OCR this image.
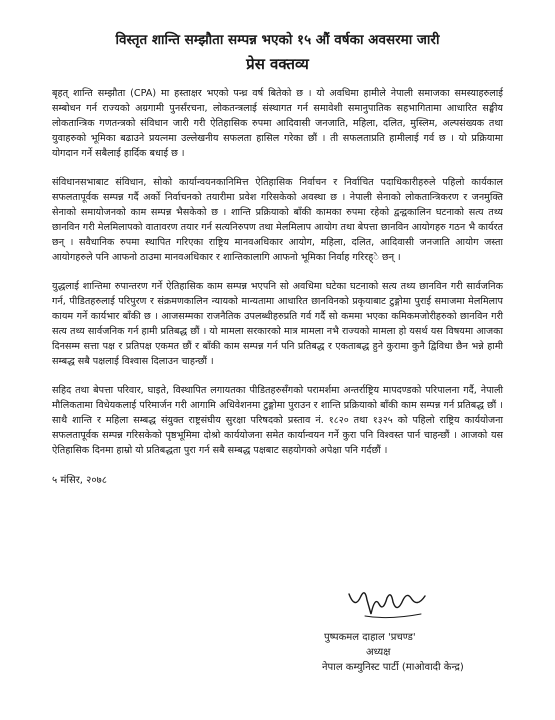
विस्तृत शान्ति सम्झौता सम्पन्न भएको १५ औं वर्षका अवसरमा जारी
प्रेस वक्तव्य

बृहत् शान्ति सम्झौता (CPA) मा हस्ताक्षर भएको पन्ध्र वर्ष बितेको छ । यो अवधिमा हामीले नेपाली समाजका समस्याहरुलाई सम्बोधन गर्न राज्यको अग्रगामी पुनर्संरचना, लोकतन्त्रलाई संस्थागत गर्न समावेशी समानुपातिक सहभागितामा आधारित सङ्घीय लोकतान्त्रिक गणतन्त्रको संविधान जारी गरी ऐतिहासिक रुपमा आदिवासी जनजाति, महिला, दलित, मुस्लिम, अल्पसंख्यक तथा युवाहरुको भूमिका बढाउने प्रयत्नमा उल्लेखनीय सफलता हासिल गरेका छौं । ती सफलताप्रति हामीलाई गर्व छ । यो प्रक्रियामा योगदान गर्ने सबैलाई हार्दिक बधाई छ ।

संविधानसभाबाट संविधान, सोको कार्यान्वयनकानिमित्त ऐतिहासिक निर्वाचन र निर्वाचित पदाधिकारीहरुले पहिलो कार्यकाल सफलतापूर्वक सम्पन्न गर्दै अर्को निर्वाचनको तयारीमा प्रवेश गरिसकेको अवस्था छ । नेपाली सेनाको लोकतान्त्रिकरण र जनमुक्ति सेनाको समायोजनको काम सम्पन्न भैसकेको छ । शान्ति प्रक्रियाको बाँकी कामका रुपमा रहेको द्वन्द्वकालिन घटनाको सत्य तथ्य छानविन गरी मेलमिलापको वातावरण तयार गर्न सत्यनिरुपण तथा मेलमिलाप आयोग तथा बेपत्ता छानविन आयोगहरु गठन भै कार्यरत छन् । सवैधानिक रुपमा स्थापित गरिएका राष्ट्रिय मानवअधिकार आयोग, महिला, दलित, आदिवासी जनजाति आयोग जस्ता आयोगहरुले पनि आफनो ठाउमा मानवअधिकार र शान्तिकालागि आफनो भूमिका निर्वाह गरिरह्े छन् ।

युद्धलाई शान्तिमा रुपान्तरण गर्ने ऐतिहासिक काम सम्पन्न भएपनि सो अवधिमा घटेका घटनाको सत्य तथ्य छानविन गरी सार्वजनिक गर्न, पीडितहरुलाई परिपुरण र संक्रमणकालिन न्यायको मान्यतामा आधारित छानविनको प्रकृयाबाट टुङ्गोमा पुराई समाजमा मेलमिलाप कायम गर्ने कार्यभार बाँकी छ । आजसम्मका राजनैतिक उपलब्धीहरुप्रति गर्व गर्दै सो कममा भएका कमिकमजोरीहरुको छानविन गरी सत्य तथ्य सार्वजनिक गर्न हामी प्रतिबद्ध छौं । यो मामला सरकारको मात्र मामला नभै राज्यको मामला हो यसर्थ यस विषयमा आजका दिनसम्म सत्ता पक्ष र प्रतिपक्ष एकमत छौं र बाँकी काम सम्पन्न गर्न पनि प्रतिबद्ध र एकताबद्ध हुने कुरामा कुनै द्विविधा छैन भन्ने हामी सम्बद्ध सबै पक्षलाई विश्वास दिलाउन चाहन्छौं ।

सहिद तथा बेपत्ता परिवार, घाइते, विस्थापित लगायतका पीडितहरुसँगको परामर्शमा अन्तर्राष्ट्रिय मापदण्डको परिपालना गर्दै, नेपाली मौलिकतामा विधेयकलाई परिमार्जन गरी आगामि अधिवेशनमा टुङ्गोमा पुराउन र शान्ति प्रक्रियाको बाँकी काम सम्पन्न गर्न प्रतिबद्ध छौं । साथै शान्ति र महिला सम्बद्ध संयुक्त राष्ट्रसंघीय सुरक्षा परिषदको प्रस्ताव नं. १८२० तथा १३२५ को पहिलो राष्ट्रिय कार्ययोजना सफलतापूर्वक सम्पन्न गरिसकेको पृष्ठभूमिमा दोश्रो कार्ययोजना समेत कार्यान्वयन गर्ने कुरा पनि विश्वस्त पार्न चाहन्छौं । आजको यस ऐतिहासिक दिनमा हाम्रो यो प्रतिबद्धता पुरा गर्न सबै सम्बद्ध पक्षबाट सहयोगको अपेक्षा पनि गर्दछौं ।

५ मंसिर, २०७८
पुष्पकमल दाहाल 'प्रचण्ड'
अध्यक्ष
नेपाल कम्युनिस्ट पार्टी (माओवादी केन्द्र)
